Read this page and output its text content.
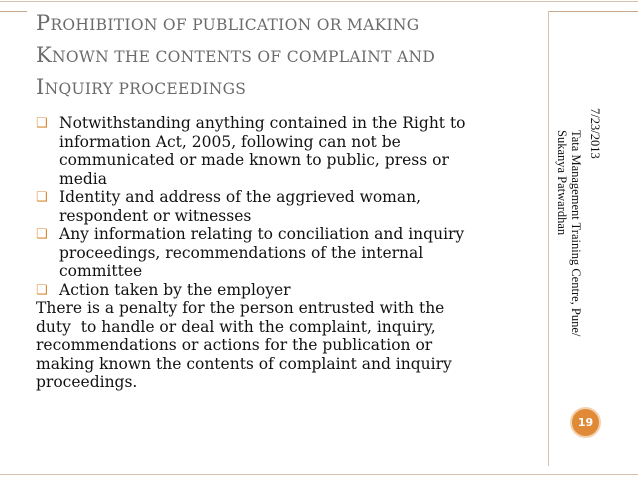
PROHIBITION OF PUBLICATION OR MAKING
KNOWN THE CONTENTS OF COMPLAINT AND
INQUIRY PROCEEDINGS
❑ Notwithstanding anything contained in the Right to
information Act, 2005, following can not be
communicated or made known to public, press or
media
❑ Identity and address of the aggrieved woman,
respondent or witnesses
❑ Any information relating to conciliation and inquiry
proceedings, recommendations of the internal
committee
❑ Action taken by the employer
There is a penalty for the person entrusted with the
duty  to handle or deal with the complaint, inquiry,
recommendations or actions for the publication or
making known the contents of complaint and inquiry
proceedings.
7/23/2013
Tata Management Training Centre, Pune/
Sukanya Patwardhan
19
